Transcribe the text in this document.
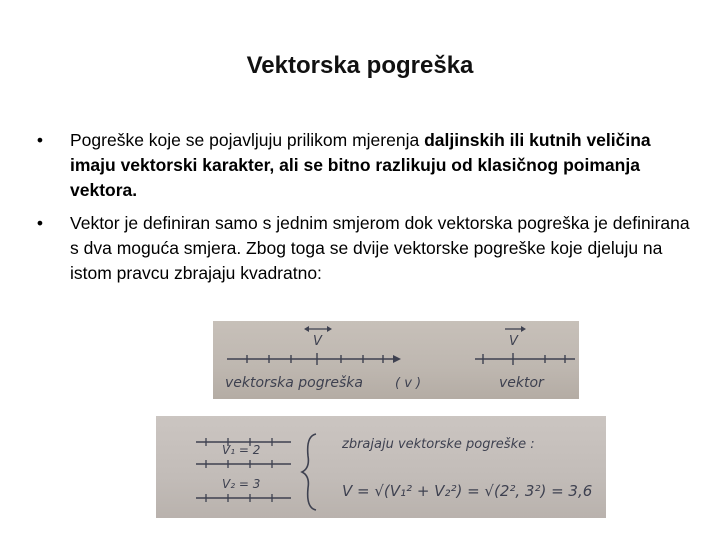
Vektorska pogreška
•	Pogreške koje se pojavljuju prilikom mjerenja daljinskih ili kutnih veličina imaju vektorski karakter, ali se bitno razlikuju od klasičnog poimanja vektora.
•	Vektor je definiran samo s jednim smjerom dok vektorska pogreška je definirana s dva moguća smjera. Zbog toga se dvije vektorske pogreške koje djeluju na istom pravcu zbrajaju kvadratno:
V	V
vektorska pogreška ( v )	vektor
V₁ = 2
V₂ = 3
zbrajaju vektorske pogreške :
V = √(V₁² + V₂²) = √(2², 3²) = 3,6
